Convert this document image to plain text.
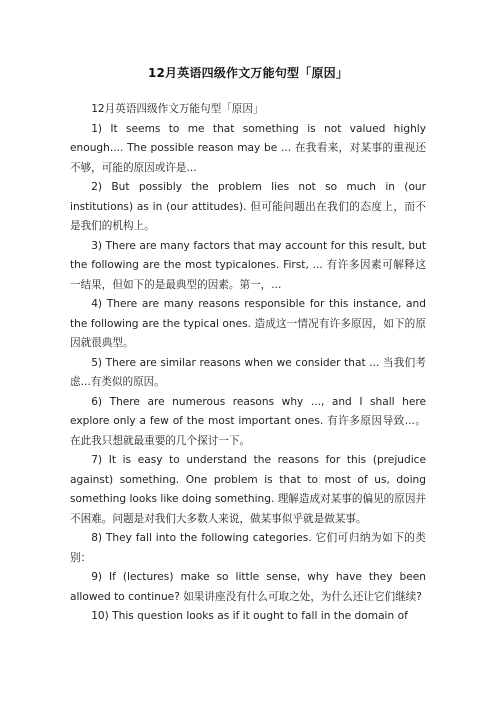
12月英语四级作文万能句型「原因」

12月英语四级作文万能句型「原因」

1) It seems to me that something is not valued highly enough.... The possible reason may be ... 在我看来，对某事的重视还不够，可能的原因或许是...

2) But possibly the problem lies not so much in (our institutions) as in (our attitudes). 但可能问题出在我们的态度上，而不是我们的机构上。

3) There are many factors that may account for this result, but the following are the most typicalones. First, ... 有许多因素可解释这一结果，但如下的是最典型的因素。第一，...

4) There are many reasons responsible for this instance, and the following are the typical ones. 造成这一情况有许多原因，如下的原因就很典型。

5) There are similar reasons when we consider that ... 当我们考虑...有类似的原因。

6) There are numerous reasons why ..., and I shall here explore only a few of the most important ones. 有许多原因导致...。在此我只想就最重要的几个探讨一下。

7) It is easy to understand the reasons for this (prejudice against) something. One problem is that to most of us, doing something looks like doing something. 理解造成对某事的偏见的原因并不困难。问题是对我们大多数人来说，做某事似乎就是做某事。

8) They fall into the following categories. 它们可归纳为如下的类别：

9) If (lectures) make so little sense, why have they been allowed to continue? 如果讲座没有什么可取之处，为什么还让它们继续?

10) This question looks as if it ought to fall in the domain of
